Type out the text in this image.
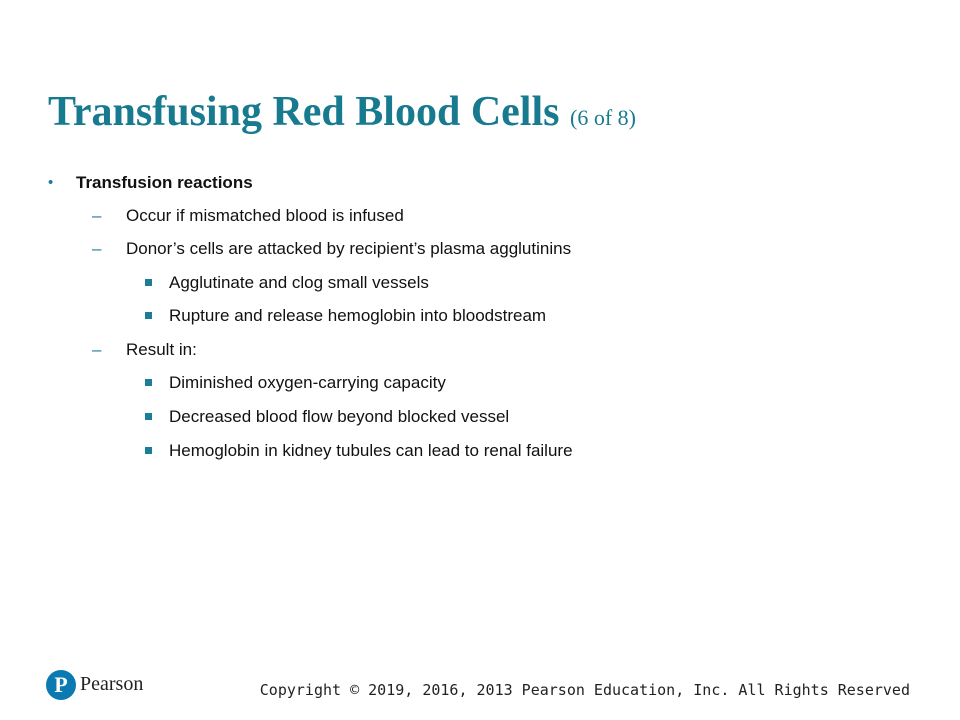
Transfusing Red Blood Cells (6 of 8)
• Transfusion reactions
– Occur if mismatched blood is infused
– Donor’s cells are attacked by recipient’s plasma agglutinins
Agglutinate and clog small vessels
Rupture and release hemoglobin into bloodstream
– Result in:
Diminished oxygen-carrying capacity
Decreased blood flow beyond blocked vessel
Hemoglobin in kidney tubules can lead to renal failure
P Pearson	Copyright © 2019, 2016, 2013 Pearson Education, Inc. All Rights Reserved
